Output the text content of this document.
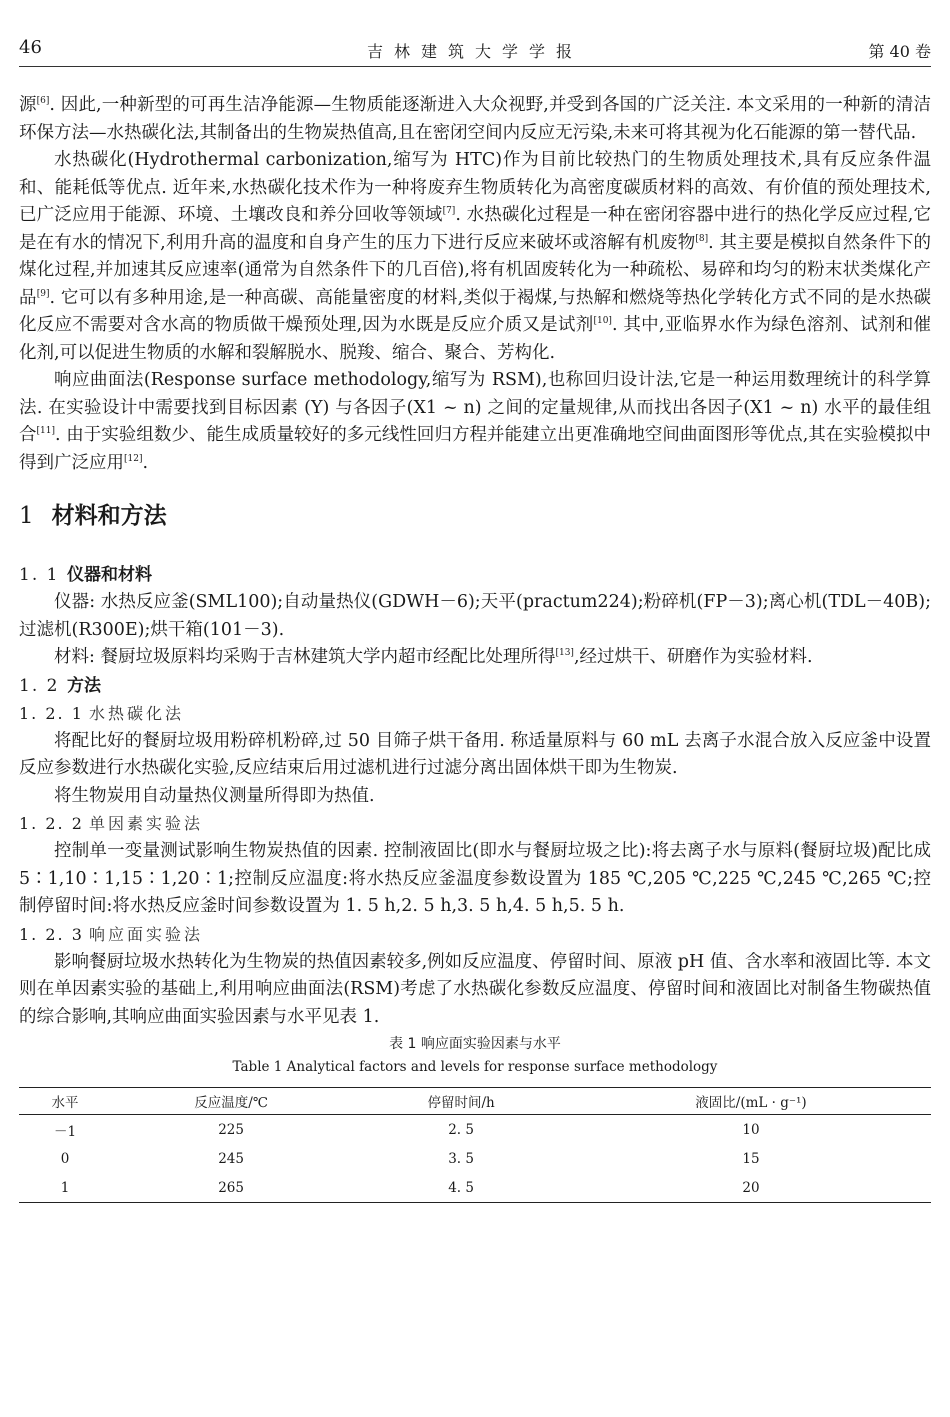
46	吉林建筑大学学报	第 40 卷

源[6]. 因此,一种新型的可再生洁净能源—生物质能逐渐进入大众视野,并受到各国的广泛关注. 本文采用的一种新的清洁环保方法—水热碳化法,其制备出的生物炭热值高,且在密闭空间内反应无污染,未来可将其视为化石能源的第一替代品.

水热碳化(Hydrothermal carbonization,缩写为 HTC)作为目前比较热门的生物质处理技术,具有反应条件温和、能耗低等优点. 近年来,水热碳化技术作为一种将废弃生物质转化为高密度碳质材料的高效、有价值的预处理技术,已广泛应用于能源、环境、土壤改良和养分回收等领域[7]. 水热碳化过程是一种在密闭容器中进行的热化学反应过程,它是在有水的情况下,利用升高的温度和自身产生的压力下进行反应来破坏或溶解有机废物[8]. 其主要是模拟自然条件下的煤化过程,并加速其反应速率(通常为自然条件下的几百倍),将有机固废转化为一种疏松、易碎和均匀的粉末状类煤化产品[9]. 它可以有多种用途,是一种高碳、高能量密度的材料,类似于褐煤,与热解和燃烧等热化学转化方式不同的是水热碳化反应不需要对含水高的物质做干燥预处理,因为水既是反应介质又是试剂[10]. 其中,亚临界水作为绿色溶剂、试剂和催化剂,可以促进生物质的水解和裂解脱水、脱羧、缩合、聚合、芳构化.

响应曲面法(Response surface methodology,缩写为 RSM),也称回归设计法,它是一种运用数理统计的科学算法. 在实验设计中需要找到目标因素 (Y) 与各因子(X1 ~ n) 之间的定量规律,从而找出各因子(X1 ~ n) 水平的最佳组合[11]. 由于实验组数少、能生成质量较好的多元线性回归方程并能建立出更准确地空间曲面图形等优点,其在实验模拟中得到广泛应用[12].

1 材料和方法
1. 1 仪器和材料

仪器: 水热反应釜(SML100);自动量热仪(GDWH－6);天平(practum224);粉碎机(FP－3);离心机(TDL－40B);过滤机(R300E);烘干箱(101－3).

材料: 餐厨垃圾原料均采购于吉林建筑大学内超市经配比处理所得[13],经过烘干、研磨作为实验材料.

1. 2 方法
1. 2. 1 水热碳化法

将配比好的餐厨垃圾用粉碎机粉碎,过 50 目筛子烘干备用. 称适量原料与 60 mL 去离子水混合放入反应釜中设置反应参数进行水热碳化实验,反应结束后用过滤机进行过滤分离出固体烘干即为生物炭.

将生物炭用自动量热仪测量所得即为热值.

1. 2. 2 单因素实验法

控制单一变量测试影响生物炭热值的因素. 控制液固比(即水与餐厨垃圾之比):将去离子水与原料(餐厨垃圾)配比成 5∶1,10∶1,15∶1,20∶1;控制反应温度:将水热反应釜温度参数设置为 185 ℃,205 ℃,225 ℃,245 ℃,265 ℃;控制停留时间:将水热反应釜时间参数设置为 1. 5 h,2. 5 h,3. 5 h,4. 5 h,5. 5 h.

1. 2. 3 响应面实验法

影响餐厨垃圾水热转化为生物炭的热值因素较多,例如反应温度、停留时间、原液 pH 值、含水率和液固比等. 本文则在单因素实验的基础上,利用响应曲面法(RSM)考虑了水热碳化参数反应温度、停留时间和液固比对制备生物碳热值的综合影响,其响应曲面实验因素与水平见表 1.

表 1 响应面实验因素与水平
Table 1 Analytical factors and levels for response surface methodology
水平	反应温度/℃	停留时间/h	液固比/(mL · g⁻¹)
－1	225	2. 5	10
0	245	3. 5	15
1	265	4. 5	20
